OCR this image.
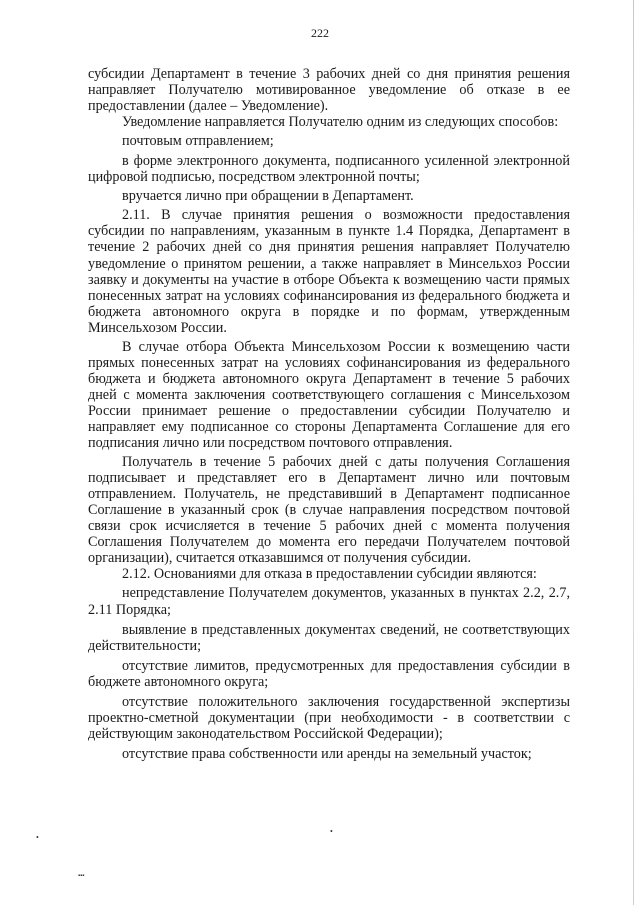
222

субсидии Департамент в течение 3 рабочих дней со дня принятия решения направляет Получателю мотивированное уведомление об отказе в ее предоставлении (далее – Уведомление).

Уведомление направляется Получателю одним из следующих способов:

почтовым отправлением;

в форме электронного документа, подписанного усиленной электронной цифровой подписью, посредством электронной почты;

вручается лично при обращении в Департамент.

2.11. В случае принятия решения о возможности предоставления субсидии по направлениям, указанным в пункте 1.4 Порядка, Департамент в течение 2 рабочих дней со дня принятия решения направляет Получателю уведомление о принятом решении, а также направляет в Минсельхоз России заявку и документы на участие в отборе Объекта к возмещению части прямых понесенных затрат на условиях софинансирования из федерального бюджета и бюджета автономного округа в порядке и по формам, утвержденным Минсельхозом России.

В случае отбора Объекта Минсельхозом России к возмещению части прямых понесенных затрат на условиях софинансирования из федерального бюджета и бюджета автономного округа Департамент в течение 5 рабочих дней с момента заключения соответствующего соглашения с Минсельхозом России принимает решение о предоставлении субсидии Получателю и направляет ему подписанное со стороны Департамента Соглашение для его подписания лично или посредством почтового отправления.

Получатель в течение 5 рабочих дней с даты получения Соглашения подписывает и представляет его в Департамент лично или почтовым отправлением. Получатель, не представивший в Департамент подписанное Соглашение в указанный срок (в случае направления посредством почтовой связи срок исчисляется в течение 5 рабочих дней с момента получения Соглашения Получателем до момента его передачи Получателем почтовой организации), считается отказавшимся от получения субсидии.

2.12. Основаниями для отказа в предоставлении субсидии являются:

непредставление Получателем документов, указанных в пунктах 2.2, 2.7, 2.11 Порядка;

выявление в представленных документах сведений, не соответствующих действительности;

отсутствие лимитов, предусмотренных для предоставления субсидии в бюджете автономного округа;

отсутствие положительного заключения государственной экспертизы проектно-сметной документации (при необходимости - в соответствии с действующим законодательством Российской Федерации);

отсутствие права собственности или аренды на земельный участок;

•
▪▪▪
•
